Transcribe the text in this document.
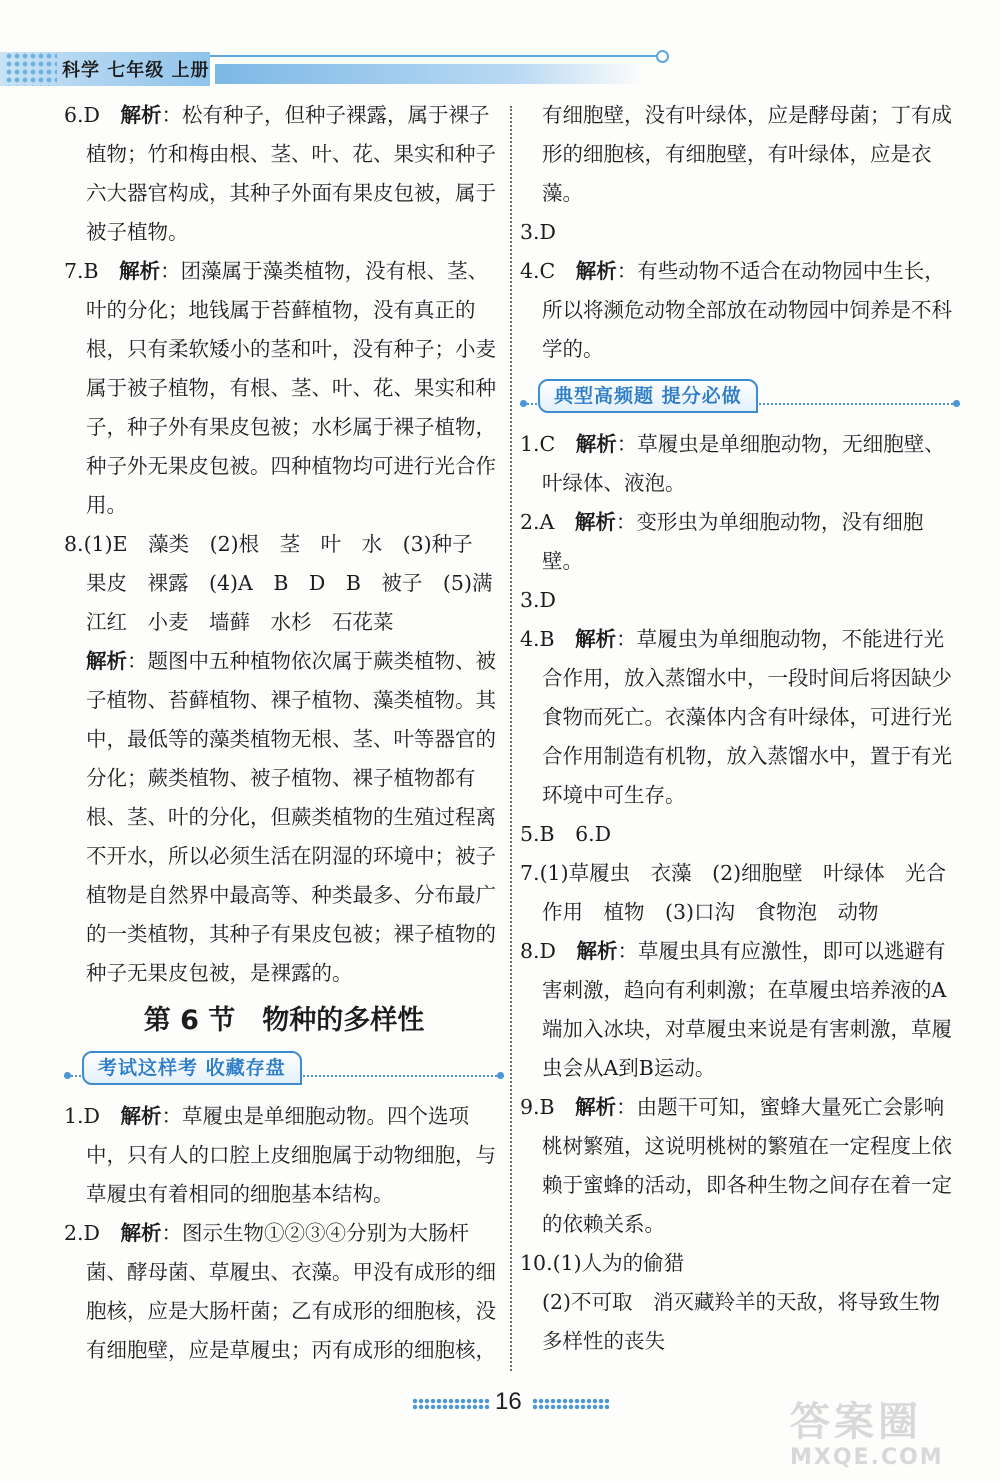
科学 七年级 上册

6.D　 解析：松有种子，但种子裸露，属于裸子植物；竹和梅由根、茎、叶、花、果实和种子六大器官构成，其种子外面有果皮包被，属于被子植物。

7.B　 解析：团藻属于藻类植物，没有根、茎、叶的分化；地钱属于苔藓植物，没有真正的根，只有柔软矮小的茎和叶，没有种子；小麦属于被子植物，有根、茎、叶、花、果实和种子，种子外有果皮包被；水杉属于裸子植物，种子外无果皮包被。四种植物均可进行光合作用。

8.(1)E　藻类　(2)根　茎　叶　水　(3)种子　果皮　裸露　(4)A　B　D　B　被子　(5)满江红　小麦　墙藓　水杉　石花菜

解析：题图中五种植物依次属于蕨类植物、被子植物、苔藓植物、裸子植物、藻类植物。其中，最低等的藻类植物无根、茎、叶等器官的分化；蕨类植物、被子植物、裸子植物都有根、茎、叶的分化，但蕨类植物的生殖过程离不开水，所以必须生活在阴湿的环境中；被子植物是自然界中最高等、种类最多、分布最广的一类植物，其种子有果皮包被；裸子植物的种子无果皮包被，是裸露的。

第 6 节　物种的多样性
考试这样考 收藏存盘

1.D　 解析：草履虫是单细胞动物。四个选项中，只有人的口腔上皮细胞属于动物细胞，与草履虫有着相同的细胞基本结构。

2.D　 解析：图示生物①②③④分别为大肠杆菌、酵母菌、草履虫、衣藻。甲没有成形的细胞核，应是大肠杆菌；乙有成形的细胞核，没有细胞壁，应是草履虫；丙有成形的细胞核，

有细胞壁，没有叶绿体，应是酵母菌；丁有成形的细胞核，有细胞壁，有叶绿体，应是衣藻。

3.D

4.C　 解析：有些动物不适合在动物园中生长，所以将濒危动物全部放在动物园中饲养是不科学的。

典型高频题 提分必做

1.C　 解析：草履虫是单细胞动物，无细胞壁、叶绿体、液泡。

2.A　 解析：变形虫为单细胞动物，没有细胞壁。

3.D

4.B　 解析：草履虫为单细胞动物，不能进行光合作用，放入蒸馏水中，一段时间后将因缺少食物而死亡。衣藻体内含有叶绿体，可进行光合作用制造有机物，放入蒸馏水中，置于有光环境中可生存。

5.B　6.D

7.(1)草履虫　衣藻　(2)细胞壁　叶绿体　光合作用　植物　(3)口沟　食物泡　动物

8.D　 解析：草履虫具有应激性，即可以逃避有害刺激，趋向有利刺激；在草履虫培养液的A端加入冰块，对草履虫来说是有害刺激，草履虫会从A到B运动。

9.B　 解析：由题干可知，蜜蜂大量死亡会影响桃树繁殖，这说明桃树的繁殖在一定程度上依赖于蜜蜂的活动，即各种生物之间存在着一定的依赖关系。

10.(1)人为的偷猎

(2)不可取　消灭藏羚羊的天敌，将导致生物多样性的丧失

16	答案圈
MXQE.COM
